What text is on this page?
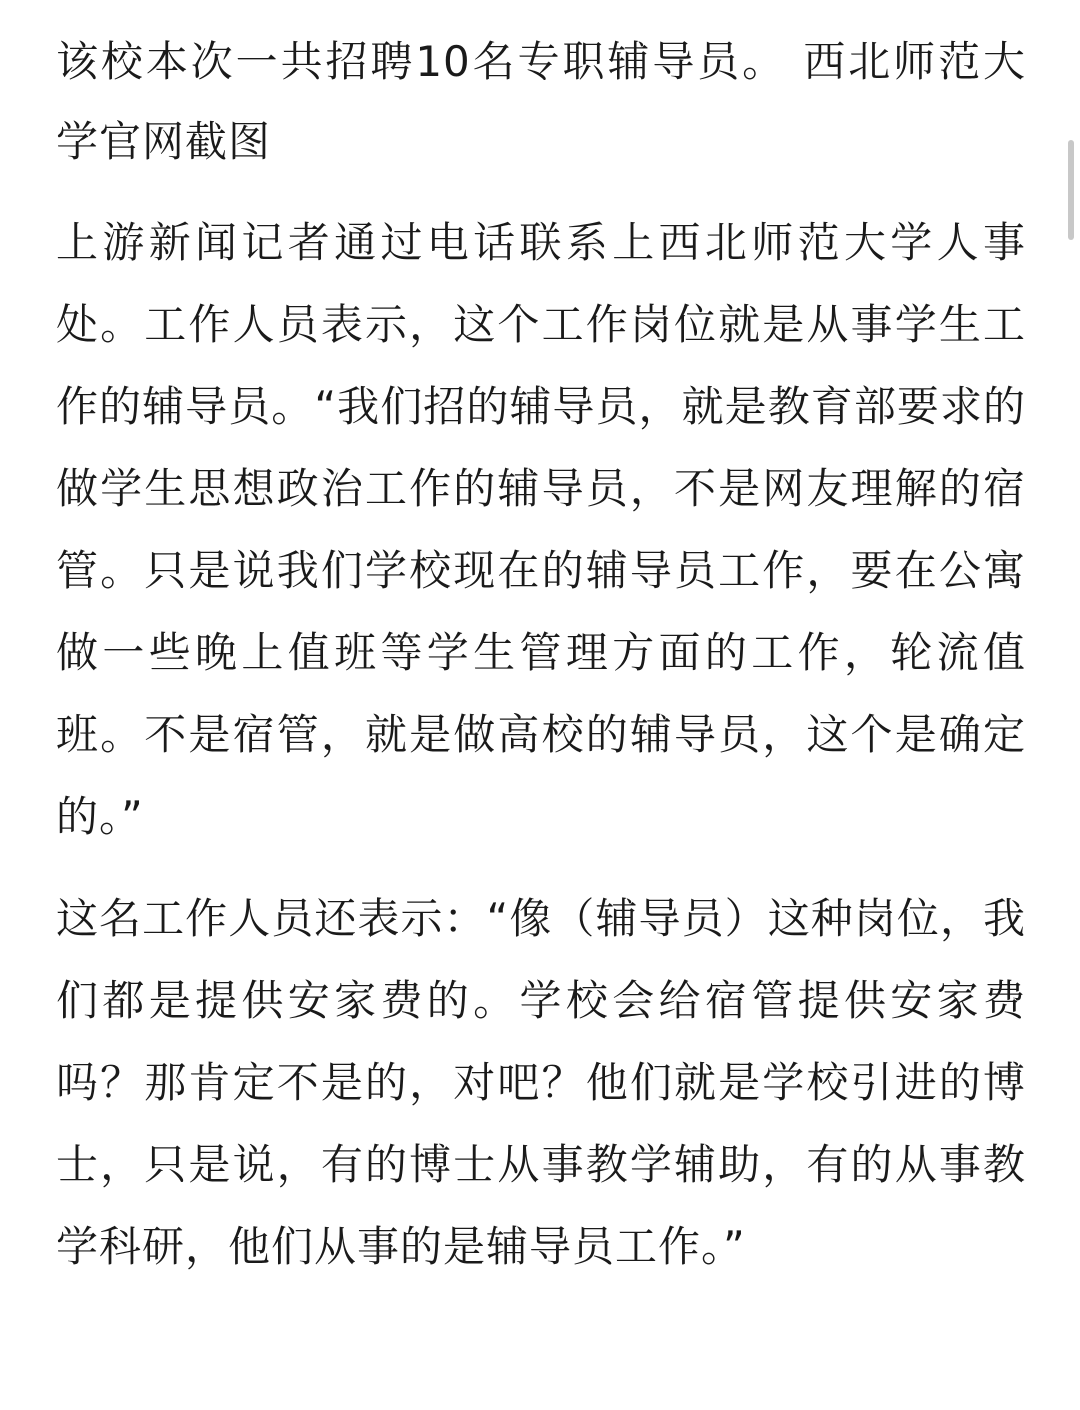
该校本次一共招聘10名专职辅导员。 西北师范大学官网截图

上游新闻记者通过电话联系上西北师范大学人事处。工作人员表示，这个工作岗位就是从事学生工作的辅导员。“我们招的辅导员，就是教育部要求的做学生思想政治工作的辅导员，不是网友理解的宿管。只是说我们学校现在的辅导员工作，要在公寓做一些晚上值班等学生管理方面的工作，轮流值班。不是宿管，就是做高校的辅导员，这个是确定的。”

这名工作人员还表示：“像（辅导员）这种岗位，我们都是提供安家费的。学校会给宿管提供安家费吗？那肯定不是的，对吧？他们就是学校引进的博士，只是说，有的博士从事教学辅助，有的从事教学科研，他们从事的是辅导员工作。”
